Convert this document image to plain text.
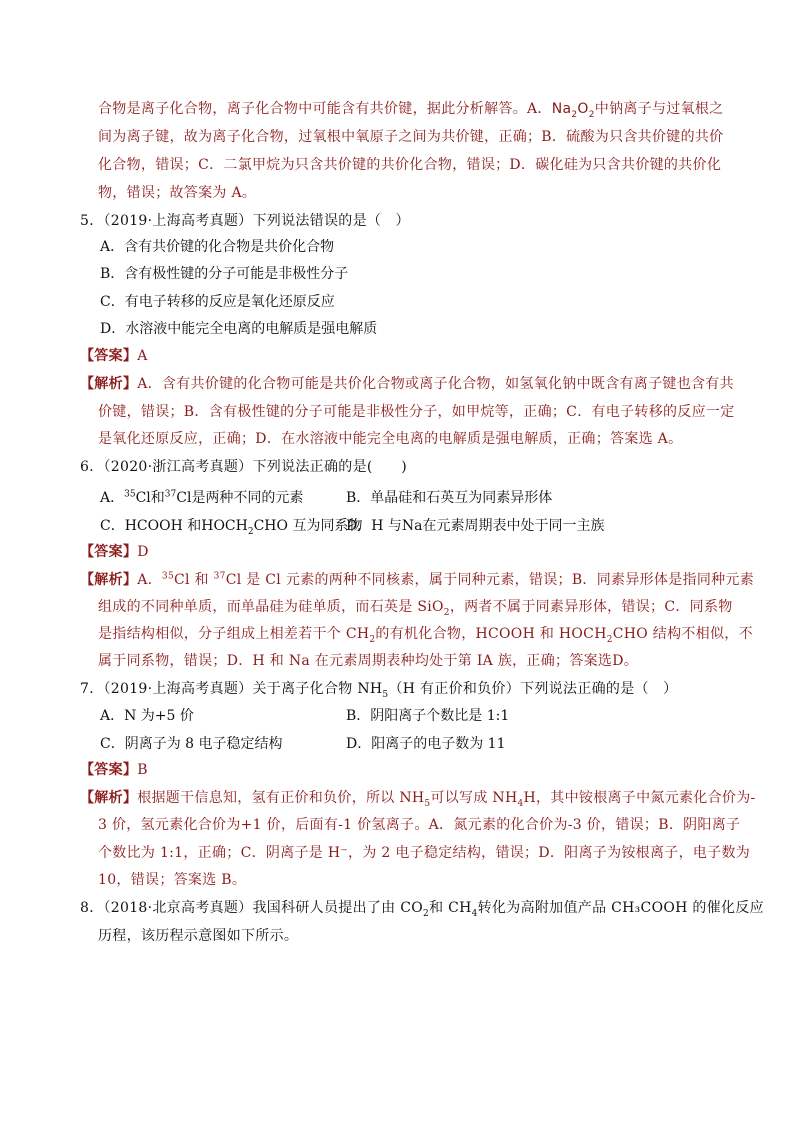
合物是离子化合物，离子化合物中可能含有共价键，据此分析解答。A．$Na_2O_2$中钠离子与过氧根之
间为离子键，故为离子化合物，过氧根中氧原子之间为共价键，正确；B．硫酸为只含共价键的共价
化合物，错误；C．二氯甲烷为只含共价键的共价化合物，错误；D．碳化硅为只含共价键的共价化
物，错误；故答案为 A。
5．（2019·上海高考真题）下列说法错误的是（　）
A．含有共价键的化合物是共价化合物
B．含有极性键的分子可能是非极性分子
C．有电子转移的反应是氧化还原反应
D．水溶液中能完全电离的电解质是强电解质
【答案】A
【解析】A．含有共价键的化合物可能是共价化合物或离子化合物，如氢氧化钠中既含有离子键也含有共
价键，错误；B．含有极性键的分子可能是非极性分子，如甲烷等，正确；C．有电子转移的反应一定
是氧化还原反应，正确；D．在水溶液中能完全电离的电解质是强电解质，正确；答案选 A。
6．（2020·浙江高考真题）下列说法正确的是(　　)
A．$^{35}$Cl和$^{37}$Cl是两种不同的元素	B．单晶硅和石英互为同素异形体
C．HCOOH 和$HOCH_2CHO$ 互为同系物
D．H 与Na在元素周期表中处于同一主族
【答案】D
【解析】A．$^{35}$Cl 和 $^{37}$Cl 是 Cl 元素的两种不同核素，属于同种元素，错误；B．同素异形体是指同种元素
组成的不同种单质，而单晶硅为硅单质，而石英是 SiO$_2$，两者不属于同素异形体，错误；C．同系物
是指结构相似，分子组成上相差若干个 $CH_2$的有机化合物，HCOOH 和 $HOCH_2CHO$ 结构不相似，不
属于同系物，错误；D．H 和 Na 在元素周期表种均处于第 IA 族，正确；答案选D。
7．（2019·上海高考真题）关于离子化合物 $NH_5(H$ 有正价和负价）下列说法正确的是（　）
A．N 为+5 价	B．阴阳离子个数比是 1:1
C．阴离子为 8 电子稳定结构	D．阳离子的电子数为 11
【答案】B
【解析】根据题干信息知，氢有正价和负价，所以 $NH_5$可以写成 $NH_4H$，其中铵根离子中氮元素化合价为-
3 价，氢元素化合价为+1 价，后面有-1 价氢离子。A．氮元素的化合价为-3 价，错误；B．阴阳离子
个数比为 1:1，正确；C．阴离子是 H⁻，为 2 电子稳定结构，错误；D．阳离子为铵根离子，电子数为
10，错误；答案选 B。
8．（2018·北京高考真题）我国科研人员提出了由 $CO_2$和 $CH_4$转化为高附加值产品 CH₃COOH 的催化反应
历程，该历程示意图如下所示。
